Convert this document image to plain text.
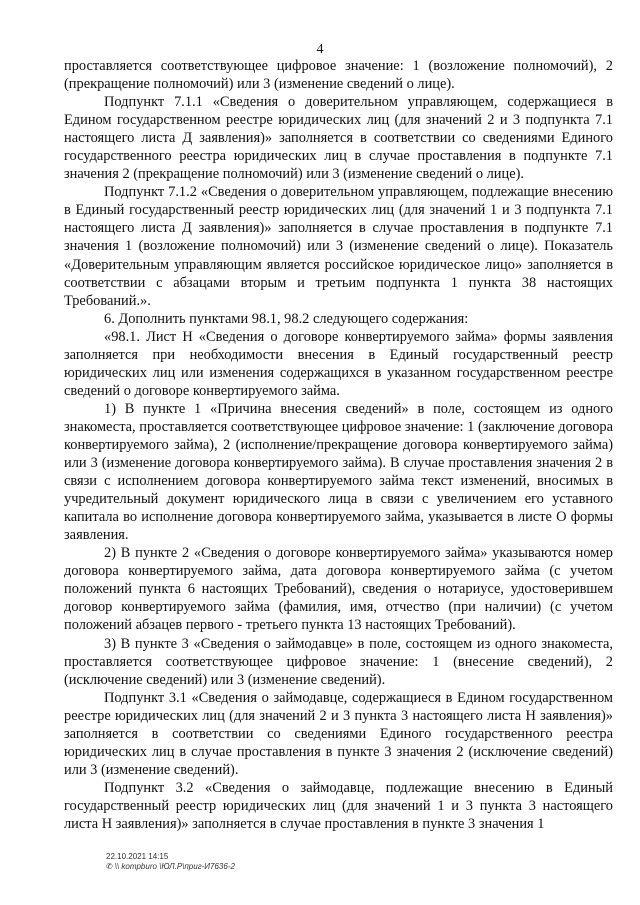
4

проставляется соответствующее цифровое значение: 1 (возложение полномочий), 2 (прекращение полномочий) или 3 (изменение сведений о лице).

Подпункт 7.1.1 «Сведения о доверительном управляющем, содержащиеся в Едином государственном реестре юридических лиц (для значений 2 и 3 подпункта 7.1 настоящего листа Д заявления)» заполняется в соответствии со сведениями Единого государственного реестра юридических лиц в случае проставления в подпункте 7.1 значения 2 (прекращение полномочий) или 3 (изменение сведений о лице).

Подпункт 7.1.2 «Сведения о доверительном управляющем, подлежащие внесению в Единый государственный реестр юридических лиц (для значений 1 и 3 подпункта 7.1 настоящего листа Д заявления)» заполняется в случае проставления в подпункте 7.1 значения 1 (возложение полномочий) или 3 (изменение сведений о лице). Показатель «Доверительным управляющим является российское юридическое лицо» заполняется в соответствии с абзацами вторым и третьим подпункта 1 пункта 38 настоящих Требований.».

6. Дополнить пунктами 98.1, 98.2 следующего содержания:

«98.1. Лист Н «Сведения о договоре конвертируемого займа» формы заявления заполняется при необходимости внесения в Единый государственный реестр юридических лиц или изменения содержащихся в указанном государственном реестре сведений о договоре конвертируемого займа.

1) В пункте 1 «Причина внесения сведений» в поле, состоящем из одного знакоместа, проставляется соответствующее цифровое значение: 1 (заключение договора конвертируемого займа), 2 (исполнение/прекращение договора конвертируемого займа) или 3 (изменение договора конвертируемого займа). В случае проставления значения 2 в связи с исполнением договора конвертируемого займа текст изменений, вносимых в учредительный документ юридического лица в связи с увеличением его уставного капитала во исполнение договора конвертируемого займа, указывается в листе О формы заявления.

2) В пункте 2 «Сведения о договоре конвертируемого займа» указываются номер договора конвертируемого займа, дата договора конвертируемого займа (с учетом положений пункта 6 настоящих Требований), сведения о нотариусе, удостоверившем договор конвертируемого займа (фамилия, имя, отчество (при наличии) (с учетом положений абзацев первого - третьего пункта 13 настоящих Требований).

3) В пункте 3 «Сведения о займодавце» в поле, состоящем из одного знакоместа, проставляется соответствующее цифровое значение: 1 (внесение сведений), 2 (исключение сведений) или 3 (изменение сведений).

Подпункт 3.1 «Сведения о займодавце, содержащиеся в Едином государственном реестре юридических лиц (для значений 2 и 3 пункта 3 настоящего листа Н заявления)» заполняется в соответствии со сведениями Единого государственного реестра юридических лиц в случае проставления в пункте 3 значения 2 (исключение сведений) или 3 (изменение сведений).

Подпункт 3.2 «Сведения о займодавце, подлежащие внесению в Единый государственный реестр юридических лиц (для значений 1 и 3 пункта 3 настоящего листа Н заявления)» заполняется в случае проставления в пункте 3 значения 1

22.10.2021 14:15
✆ \\ kompburo \ЮЛ.Р\приг-И7636-2
